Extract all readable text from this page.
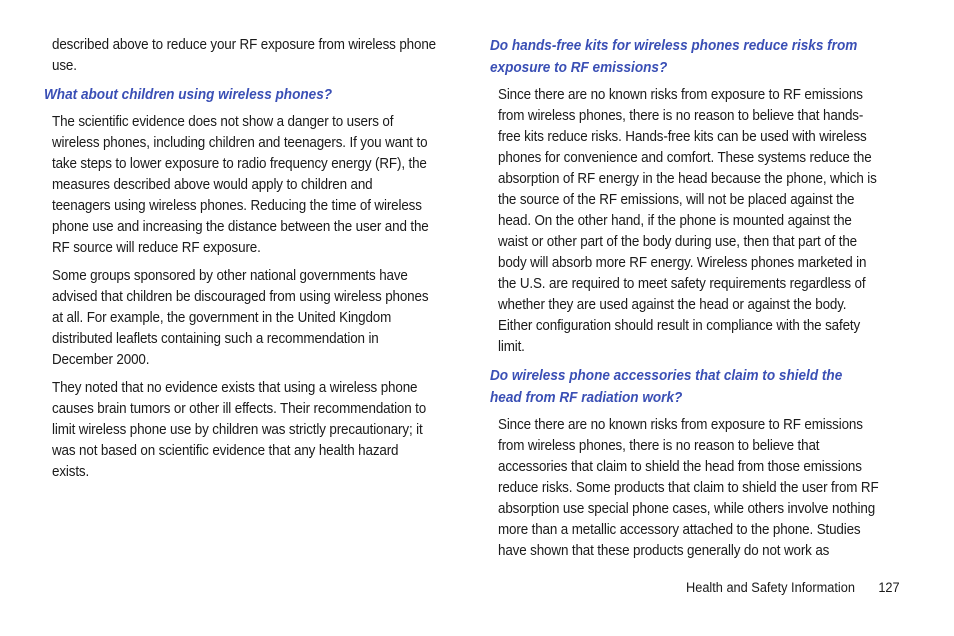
described above to reduce your RF exposure from wireless phone
use.

What about children using wireless phones?

The scientific evidence does not show a danger to users of
wireless phones, including children and teenagers. If you want to
take steps to lower exposure to radio frequency energy (RF), the
measures described above would apply to children and
teenagers using wireless phones. Reducing the time of wireless
phone use and increasing the distance between the user and the
RF source will reduce RF exposure.

Some groups sponsored by other national governments have
advised that children be discouraged from using wireless phones
at all. For example, the government in the United Kingdom
distributed leaflets containing such a recommendation in
December 2000.

They noted that no evidence exists that using a wireless phone
causes brain tumors or other ill effects. Their recommendation to
limit wireless phone use by children was strictly precautionary; it
was not based on scientific evidence that any health hazard
exists.

Do hands-free kits for wireless phones reduce risks from
exposure to RF emissions?

Since there are no known risks from exposure to RF emissions
from wireless phones, there is no reason to believe that hands-
free kits reduce risks. Hands-free kits can be used with wireless
phones for convenience and comfort. These systems reduce the
absorption of RF energy in the head because the phone, which is
the source of the RF emissions, will not be placed against the
head. On the other hand, if the phone is mounted against the
waist or other part of the body during use, then that part of the
body will absorb more RF energy. Wireless phones marketed in
the U.S. are required to meet safety requirements regardless of
whether they are used against the head or against the body.
Either configuration should result in compliance with the safety
limit.

Do wireless phone accessories that claim to shield the
head from RF radiation work?

Since there are no known risks from exposure to RF emissions
from wireless phones, there is no reason to believe that
accessories that claim to shield the head from those emissions
reduce risks. Some products that claim to shield the user from RF
absorption use special phone cases, while others involve nothing
more than a metallic accessory attached to the phone. Studies
have shown that these products generally do not work as

Health and Safety Information 127
